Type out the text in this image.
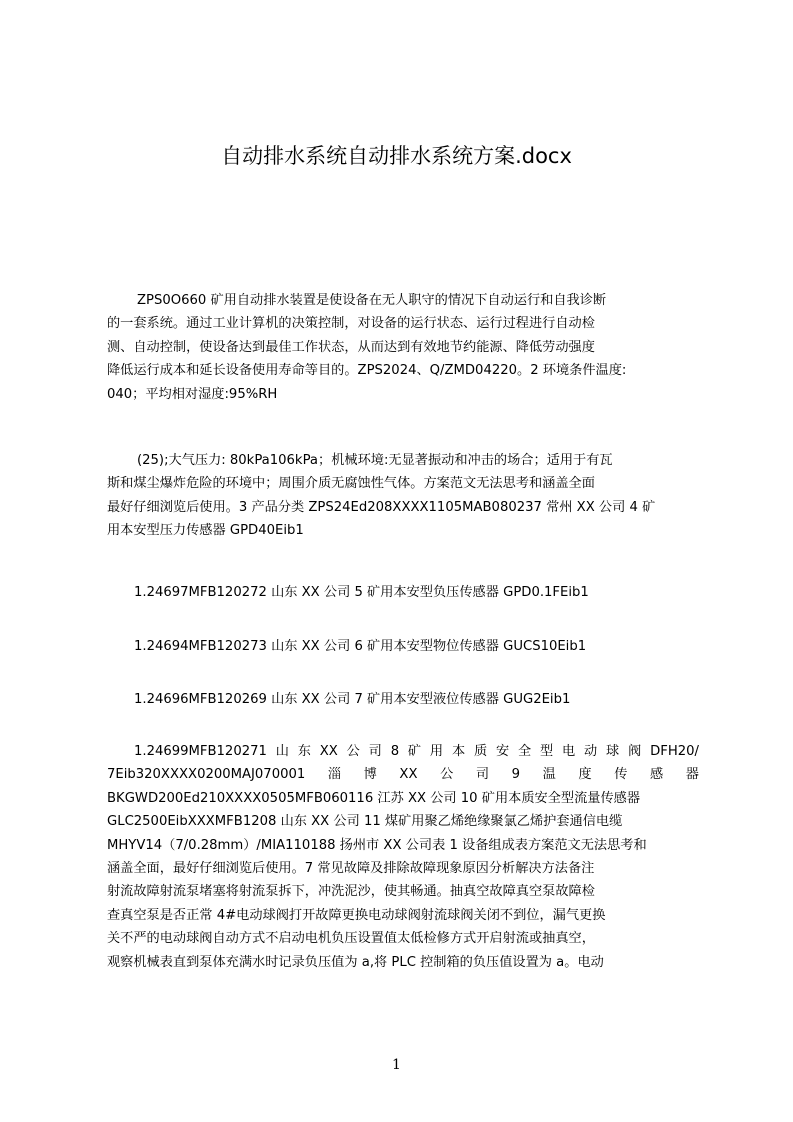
自动排水系统自动排水系统方案.docx
ZPS0O660 矿用自动排水装置是使设备在无人职守的情况下自动运行和自我诊断
的一套系统。通过工业计算机的决策控制，对设备的运行状态、运行过程进行自动检
测、自动控制，使设备达到最佳工作状态，从而达到有效地节约能源、降低劳动强度
降低运行成本和延长设备使用寿命等目的。ZPS2024、Q/ZMD04220。2 环境条件温度:
040；平均相对湿度:95%RH
(25);大气压力: 80kPa106kPa；机械环境:无显著振动和冲击的场合；适用于有瓦
斯和煤尘爆炸危险的环境中；周围介质无腐蚀性气体。方案范文无法思考和涵盖全面
最好仔细浏览后使用。3 产品分类 ZPS24Ed208XXXX1105MAB080237 常州 XX 公司 4 矿
用本安型压力传感器 GPD40Eib1
1.24697MFB120272 山东 XX 公司 5 矿用本安型负压传感器 GPD0.1FEib1
1.24694MFB120273 山东 XX 公司 6 矿用本安型物位传感器 GUCS10Eib1
1.24696MFB120269 山东 XX 公司 7 矿用本安型液位传感器 GUG2Eib1
1.24699MFB120271 山 东 XX 公 司 8 矿 用 本 质 安 全 型 电 动 球 阀 DFH20/
7Eib320XXXX0200MAJ070001 淄 博 XX 公 司 9 温 度 传 感 器
BKGWD200Ed210XXXX0505MFB060116 江苏 XX 公司 10 矿用本质安全型流量传感器
GLC2500EibXXXMFB1208 山东 XX 公司 11 煤矿用聚乙烯绝缘聚氯乙烯护套通信电缆
MHYV14（7/0.28mm）/MIA110188 扬州市 XX 公司表 1 设备组成表方案范文无法思考和
涵盖全面，最好仔细浏览后使用。7 常见故障及排除故障现象原因分析解决方法备注
射流故障射流泵堵塞将射流泵拆下，冲洗泥沙，使其畅通。抽真空故障真空泵故障检
查真空泵是否正常 4#电动球阀打开故障更换电动球阀射流球阀关闭不到位，漏气更换
关不严的电动球阀自动方式不启动电机负压设置值太低检修方式开启射流或抽真空，
观察机械表直到泵体充满水时记录负压值为 a,将 PLC 控制箱的负压值设置为 a。电动
1
